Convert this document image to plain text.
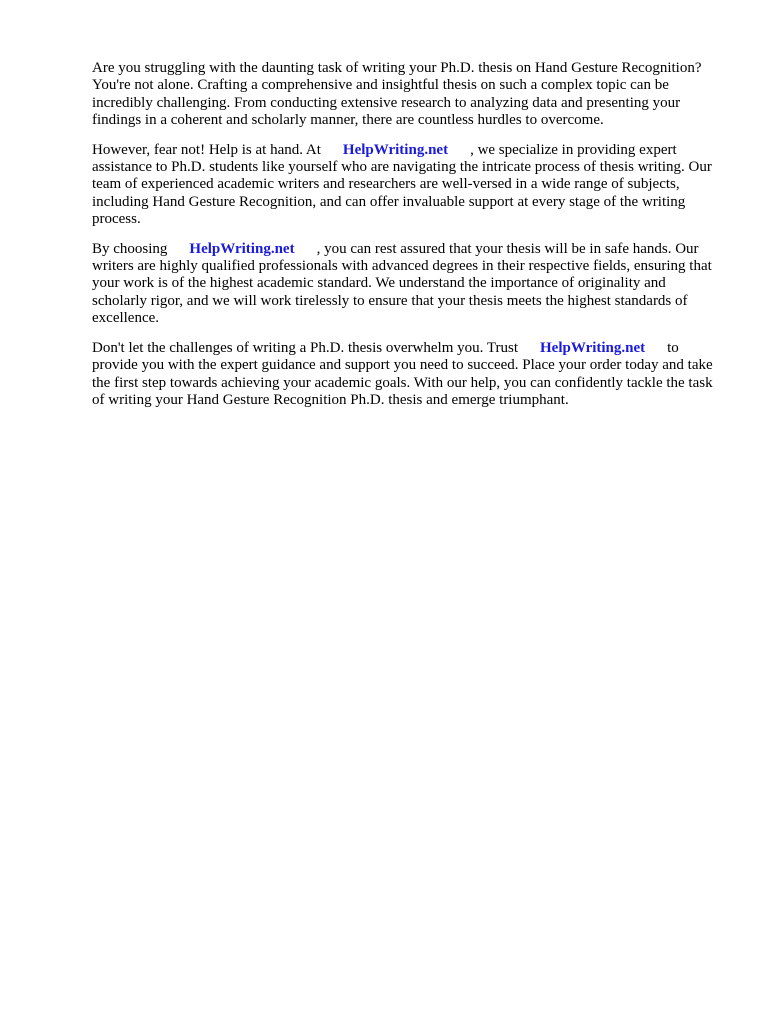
Are you struggling with the daunting task of writing your Ph.D. thesis on Hand Gesture Recognition? You're not alone. Crafting a comprehensive and insightful thesis on such a complex topic can be incredibly challenging. From conducting extensive research to analyzing data and presenting your findings in a coherent and scholarly manner, there are countless hurdles to overcome.

However, fear not! Help is at hand. At HelpWriting.net , we specialize in providing expert assistance to Ph.D. students like yourself who are navigating the intricate process of thesis writing. Our team of experienced academic writers and researchers are well-versed in a wide range of subjects, including Hand Gesture Recognition, and can offer invaluable support at every stage of the writing process.

By choosing HelpWriting.net , you can rest assured that your thesis will be in safe hands. Our writers are highly qualified professionals with advanced degrees in their respective fields, ensuring that your work is of the highest academic standard. We understand the importance of originality and scholarly rigor, and we will work tirelessly to ensure that your thesis meets the highest standards of excellence.

Don't let the challenges of writing a Ph.D. thesis overwhelm you. Trust HelpWriting.net to provide you with the expert guidance and support you need to succeed. Place your order today and take the first step towards achieving your academic goals. With our help, you can confidently tackle the task of writing your Hand Gesture Recognition Ph.D. thesis and emerge triumphant.
